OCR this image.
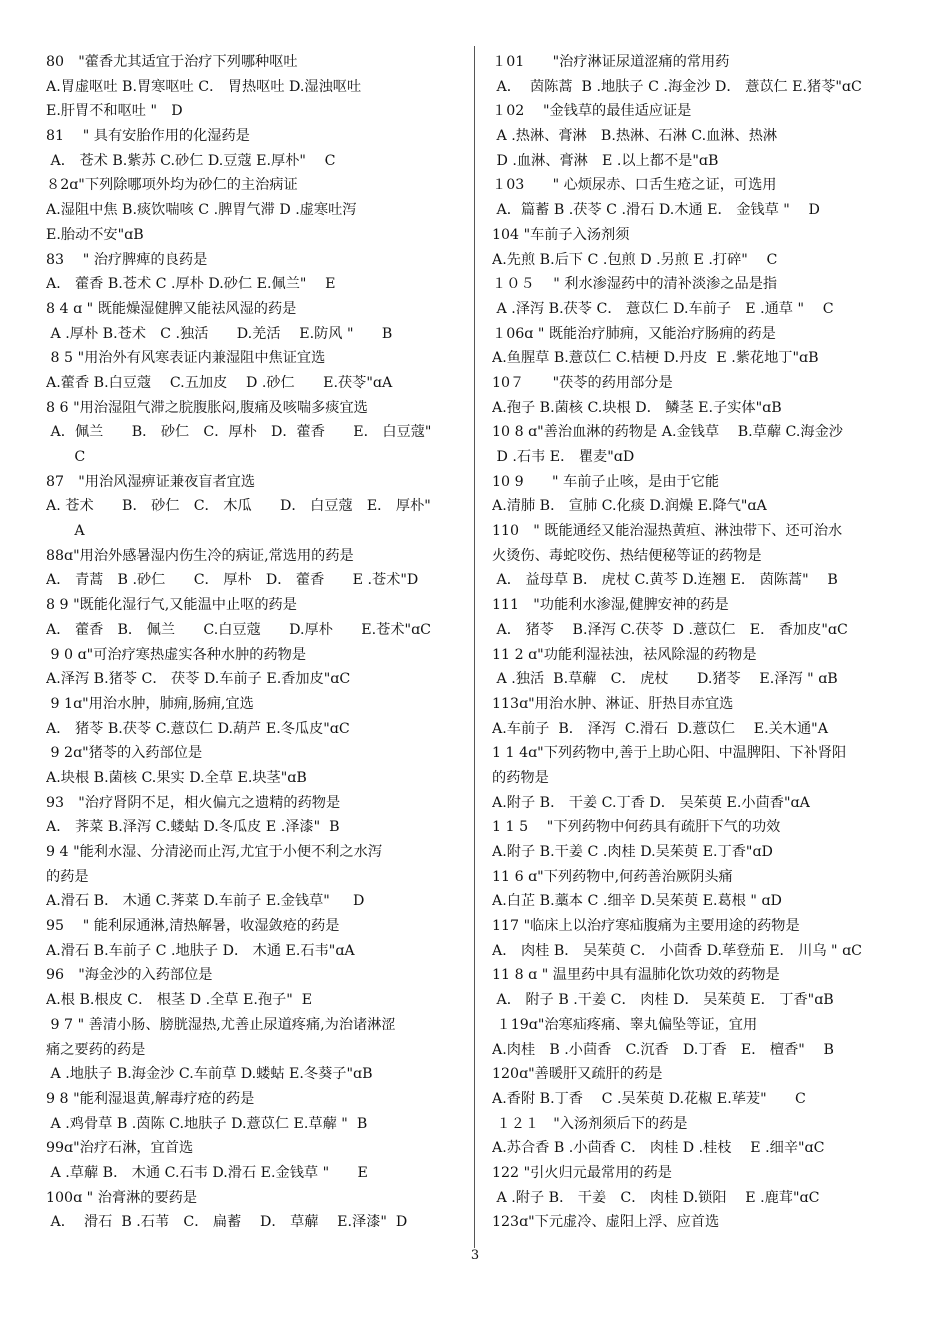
80　"藿香尤其适宜于治疗下列哪种呕吐
A.胃虚呕吐 B.胃寒呕吐 C． 胃热呕吐 D.湿浊呕吐
E.肝胃不和呕吐 "　D
81　 " 具有安胎作用的化湿药是
A． 苍术 B.紫苏 C.砂仁 D.豆蔻 E.厚朴"　 C
８2ɑ"下列除哪项外均为砂仁的主治病证
A.湿阻中焦 B.痰饮喘咳 C .脾胃气滞 D .虚寒吐泻
E.胎动不安"ɑB
83　 " 治疗脾痺的良药是
A． 藿香 B.苍术 C .厚朴 D.砂仁 E.佩兰"　 E
8 4 ɑ " 既能燥湿健脾又能祛风湿的药是
A .厚朴 B.苍术　C .独活　　D.羌活　 E.防风 "　　B
8 5 "用治外有风寒表证内兼湿阻中焦证宜选
A.藿香 B.白豆蔻　 C.五加皮　 D .砂仁　　E.茯苓"ɑA
8 6 "用治湿阻气滞之脘腹胀闷,腹痛及咳喘多痰宜选
A．佩兰　　B． 砂仁　C．厚朴　D．藿香　　E． 白豆蔻"
　　C
87　"用治风湿痹证兼夜盲者宜选
A. 苍术　　B． 砂仁　C． 木瓜　　D． 白豆蔻　E． 厚朴"
　　A
88ɑ"用治外感暑湿内伤生冷的病证,常选用的药是
A． 青蒿　B .砂仁　　C． 厚朴　D． 藿香　　E .苍术"D
8 9 "既能化湿行气,又能温中止呕的药是
A． 藿香　B． 佩兰　　C.白豆蔻　　D.厚朴　　E.苍术"ɑC
9 0 ɑ"可治疗寒热虚实各种水肿的药物是
A.泽泻 B.猪苓 C． 茯苓 D.车前子 E.香加皮"ɑC
9 1ɑ"用治水肿，肺痈,肠痈,宜选
A． 猪苓 B.茯苓 C.薏苡仁 D.葫芦 E.冬瓜皮"ɑC
9 2ɑ"猪苓的入药部位是
A.块根 B.菌核 C.果实 D.全草 E.块茎"ɑB
93　"治疗肾阴不足，相火偏亢之遗精的药物是
A． 荠菜 B.泽泻 C.蝼蛄 D.冬瓜皮 E .泽漆"  B
9 4 "能利水湿、分清泌而止泻,尤宜于小便不利之水泻
的药是
A.滑石 B． 木通 C.荠菜 D.车前子 E.金钱草"　  D
95　 " 能利尿通淋,清热解暑，收湿敛疮的药是
A.滑石 B.车前子 C .地肤子 D． 木通 E.石韦"ɑA
96　"海金沙的入药部位是
A.根 B.根皮 C． 根茎 D .全草 E.孢子"  E
9 7 " 善清小肠、膀胱湿热,尤善止尿道疼痛,为治诸淋涩
痛之要药的药是
A .地肤子 B.海金沙 C.车前草 D.蝼蛄 E.冬葵子"ɑB
9 8 "能利湿退黄,解毒疗疮的药是
A .鸡骨草 B .茵陈 C.地肤子 D.薏苡仁 E.草薢 "  B
99ɑ"治疗石淋，宜首选
A .草薢 B． 木通 C.石韦 D.滑石 E.金钱草 "　　E
100ɑ " 治膏淋的要药是
A．  滑石  B .石苇　C． 扁蓄　 D． 草薢　 E.泽漆"  D
１01　　"治疗淋证尿道涩痛的常用药
A．  茵陈蒿  B .地肤子 C .海金沙 D． 薏苡仁 E.猪苓"ɑC
１02　 "金钱草的最佳适应证是
A .热淋、膏淋　B.热淋、石淋 C.血淋、热淋
D .血淋、膏淋　E .以上都不是"ɑB
１03　　" 心烦尿赤、口舌生疮之证，可选用
A．篇蓄 B .茯苓 C .滑石 D.木通 E． 金钱草 "　 D
104 "车前子入汤剂须
A.先煎 B.后下 C .包煎 D .另煎 E .打碎"　 C
１０５　 " 利水渗湿药中的清补淡渗之品是指
A .泽泻 B.茯苓 C． 薏苡仁 D.车前子　E .通草 "　 C
１06ɑ " 既能治疗肺痈，又能治疗肠痈的药是
A.鱼腥草 B.薏苡仁 C.桔梗 D.丹皮  E .紫花地丁"ɑB
10７　　"茯苓的药用部分是
A.孢子 B.菌核 C.块根 D． 鳞茎 E.子实体"ɑB
10 8 ɑ"善治血淋的药物是 A.金钱草　 B.草薢 C.海金沙
D .石韦 E． 瞿麦"ɑD
10 9　　" 车前子止咳，是由于它能
A.清肺 B． 宣肺 C.化痰 D.润燥 E.降气"ɑA
110　" 既能通经又能治湿热黄疸、淋浊带下、还可治水
火烫伤、毒蛇咬伤、热结便秘等证的药物是
A． 益母草 B． 虎杖 C.黄芩 D.连翘 E． 茵陈蒿"　 B
111　"功能利水渗湿,健脾安神的药是
A． 猪苓　 B.泽泻 C.茯苓  D .薏苡仁　E． 香加皮"ɑC
11 2 ɑ"功能利湿祛浊，祛风除湿的药物是
A .独活  B.草薢　C． 虎杖　　D.猪苓　 E.泽泻 " ɑB
113ɑ"用治水肿、淋证、肝热目赤宜选
A.车前子  B． 泽泻  C.滑石  D.薏苡仁　 E.关木通"A
1 1 4ɑ"下列药物中,善于上助心阳、中温脾阳、下补肾阳
的药物是
A.附子 B． 干姜 C.丁香 D． 吴茱萸 E.小茴香"ɑA
1 1 5　 "下列药物中何药具有疏肝下气的功效
A.附子 B.干姜 C .肉桂 D.吴茱萸 E.丁香"ɑD
11 6 ɑ"下列药物中,何药善治厥阴头痛
A.白芷 B.藁本 C .细辛 D.吴茱萸 E.葛根 " ɑD
117 "临床上以治疗寒疝腹痛为主要用途的药物是
A． 肉桂 B． 吴茱萸 C． 小茴香 D.荜登茄 E． 川乌 " ɑC
11 8 ɑ " 温里药中具有温肺化饮功效的药物是
A． 附子 B .干姜 C． 肉桂 D． 吴茱萸 E． 丁香"ɑB
１19ɑ"治寒疝疼痛、睾丸偏坠等证，宜用
A.肉桂　B .小茴香　C.沉香　D.丁香　E． 檀香"　 B
120ɑ"善暖肝又疏肝的药是
A.香附 B.丁香　 C .吴茱萸 D.花椒 E.荜茇"　　C
１２１　"入汤剂须后下的药是
A.苏合香 B .小茴香 C． 肉桂 D .桂枝　 E .细辛"ɑC
122 "引火归元最常用的药是
A .附子 B． 干姜　C． 肉桂 D.锁阳　 E .鹿茸"ɑC
123ɑ"下元虚冷、虚阳上浮、应首选
3
